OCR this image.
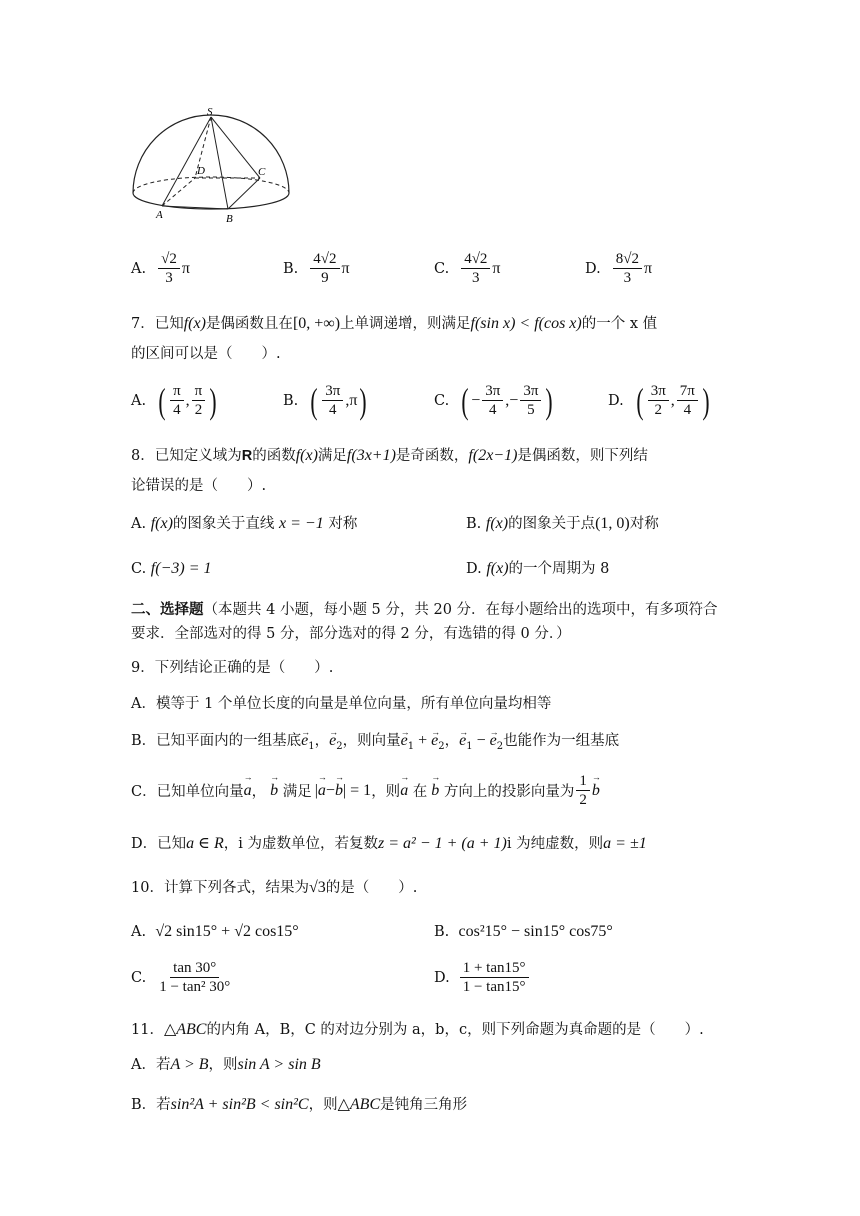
S
D	C
A	B
A. $\frac{√2}{3}$ π	B. $\frac{4√2}{9}$ π	C. $\frac{4√2}{3}$ π	D. $\frac{8√2}{3}$ π
7．已知f(x)是偶函数且在[0, +∞)上单调递增，则满足f(sin x) < f(cos x)的一个 x 值
的区间可以是（　　）.
A. ( $\frac{\pi}{4}$ , $\frac{\pi}{2}$ )	B. ( $\frac{3\pi}{4}$ , π )	C. ( − $\frac{3\pi}{4}$ ,− $\frac{3\pi}{5}$ )	D. ( $\frac{3\pi}{2}$ , $\frac{7\pi}{4}$ )
8．已知定义域为R的函数f(x)满足f(3x+1)是奇函数，f(2x−1)是偶函数，则下列结
论错误的是（　　）.
A. f(x)的图象关于直线 x = −1 对称	B. f(x)的图象关于点(1, 0)对称
C. f(−3) = 1	D. f(x)的一个周期为 8
二、选择题（本题共 4 小题，每小题 5 分，共 20 分．在每小题给出的选项中，有多项符合
要求．全部选对的得 5 分，部分选对的得 2 分，有选错的得 0 分．）
9．下列结论正确的是（　　）.
A．模等于 1 个单位长度的向量是单位向量，所有单位向量均相等
B．已知平面内的一组基底→ $e_1$，→ $e_2$，则向量→ $e_1$ + → $e_2$，→ $e_1$ − → $e_2$也能作为一组基底
C．已知单位向量
→ a ，
→ b
满足 |
→ a −
→ b | = 1 ，则
→ a
在
→ b
方向上的投影向量为 $\frac{1}{2}$
→ b
D．已知a ∈ R，i 为虚数单位，若复数z = a² − 1 + (a + 1)i 为纯虚数，则a = ±1
10．计算下列各式，结果为√3的是（　　）.
A. √2 sin15° + √2 cos15°	B. cos²15° − sin15° cos75°
C. $\frac{\tan 30^\circ}{\text{1 − tan² 30°}}$	D. $\frac{1 + \tan 15^\circ}{1 - \tan 15^\circ}$
11．△ABC的内角 A，B，C 的对边分别为 a，b，c，则下列命题为真命题的是（　　）.
A．若A > B，则sin A > sin B
B．若sin²A + sin²B < sin²C，则△ABC是钝角三角形
